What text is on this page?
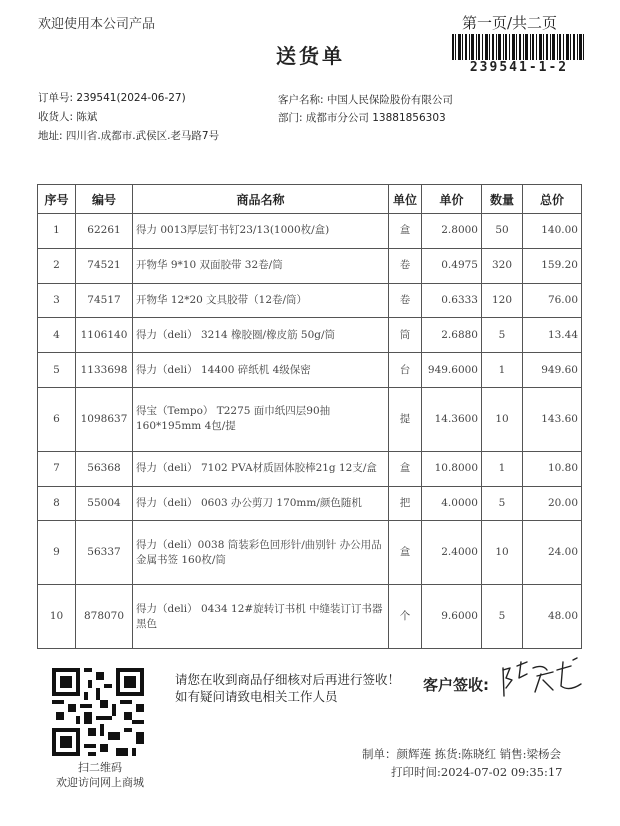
欢迎使用本公司产品	第一页/共二页
239541-1-2
送货单
订单号: 239541(2024-06-27)
收货人: 陈斌
地址: 四川省.成都市.武侯区.老马路7号
客户名称: 中国人民保险股份有限公司
部门: 成都市分公司 13881856303
序号	编号	商品名称	单位	单价	数量	总价
1	62261	得力 0013厚层钉书钉23/13(1000枚/盒)	盒	2.8000	50	140.00
2	74521	开物华 9*10 双面胶带 32卷/筒	卷	0.4975	320	159.20
3	74517	开物华 12*20 文具胶带（12卷/筒）	卷	0.6333	120	76.00
4	1106140	得力（deli） 3214 橡胶圈/橡皮筋 50g/筒	筒	2.6880	5	13.44
5	1133698	得力（deli） 14400 碎纸机 4级保密	台	949.6000	1	949.60
6	1098637	得宝（Tempo） T2275 面巾纸四层90抽160*195mm 4包/提	提	14.3600	10	143.60
7	56368	得力（deli） 7102 PVA材质固体胶棒21g 12支/盒	盒	10.8000	1	10.80
8	55004	得力（deli） 0603 办公剪刀 170mm/颜色随机	把	4.0000	5	20.00
9	56337	得力（deli）0038 筒装彩色回形针/曲别针 办公用品 金属书签 160枚/筒	盒	2.4000	10	24.00
10	878070	得力（deli） 0434 12#旋转订书机 中缝装订订书器 黑色	个	9.6000	5	48.00
扫二维码
欢迎访问网上商城
请您在收到商品仔细核对后再进行签收！如有疑问请致电相关工作人员
客户签收:
制单：颜辉莲 拣货:陈晓红 销售:梁杨会
打印时间:2024-07-02 09:35:17
